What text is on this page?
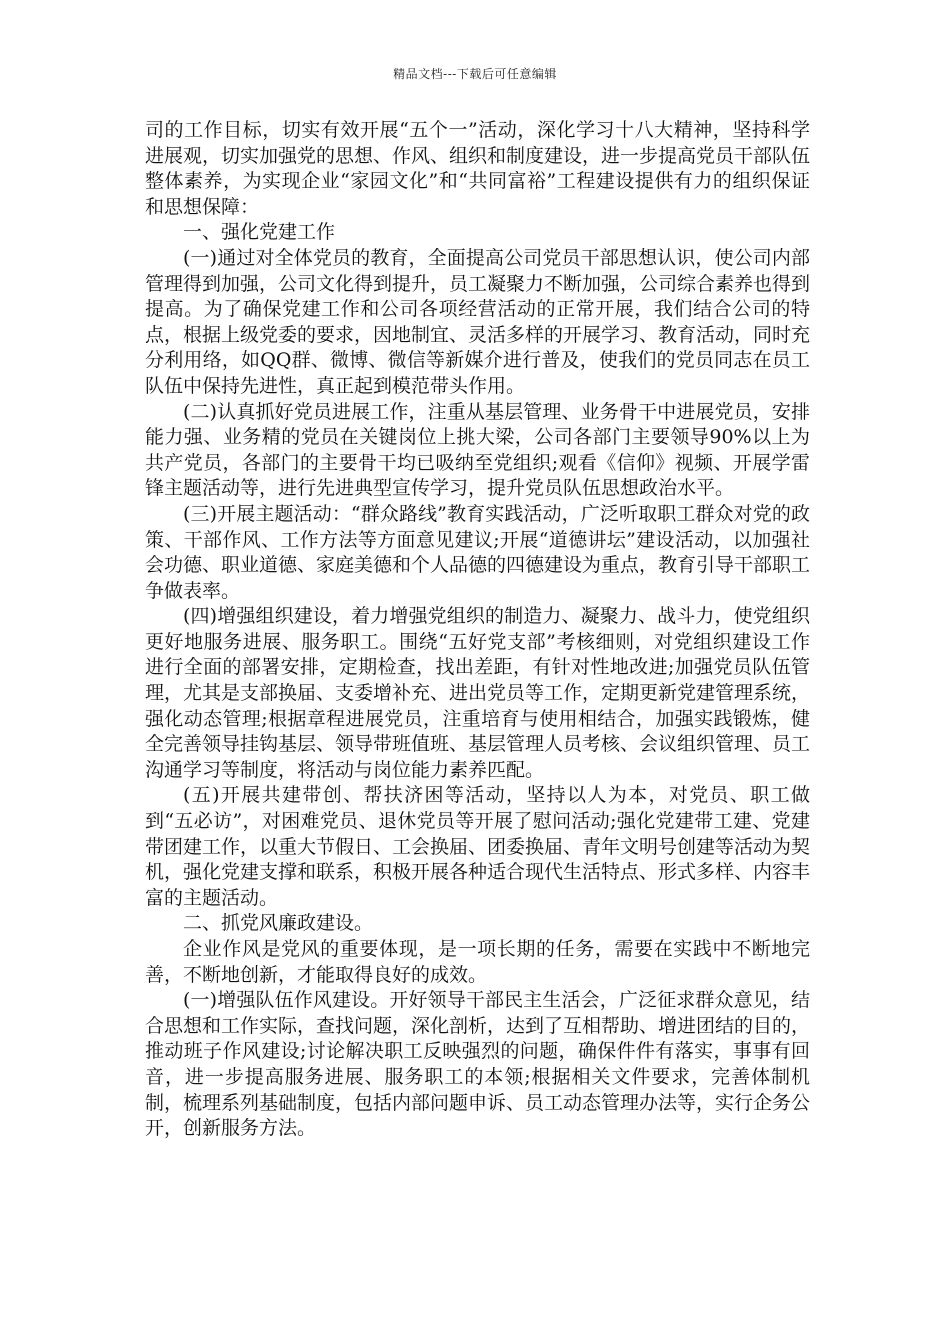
精品文档---下载后可任意编辑

司的工作目标，切实有效开展“五个一”活动，深化学习十八大精神，坚持科学进展观，切实加强党的思想、作风、组织和制度建设，进一步提高党员干部队伍整体素养，为实现企业“家园文化”和“共同富裕”工程建设提供有力的组织保证和思想保障：

一、强化党建工作

(一)通过对全体党员的教育，全面提高公司党员干部思想认识，使公司内部管理得到加强，公司文化得到提升，员工凝聚力不断加强，公司综合素养也得到提高。为了确保党建工作和公司各项经营活动的正常开展，我们结合公司的特点，根据上级党委的要求，因地制宜、灵活多样的开展学习、教育活动，同时充分利用络，如QQ群、微博、微信等新媒介进行普及，使我们的党员同志在员工队伍中保持先进性，真正起到模范带头作用。

(二)认真抓好党员进展工作，注重从基层管理、业务骨干中进展党员，安排能力强、业务精的党员在关键岗位上挑大梁，公司各部门主要领导90%以上为共产党员，各部门的主要骨干均已吸纳至党组织;观看《信仰》视频、开展学雷锋主题活动等，进行先进典型宣传学习，提升党员队伍思想政治水平。

(三)开展主题活动：“群众路线”教育实践活动，广泛听取职工群众对党的政策、干部作风、工作方法等方面意见建议;开展“道德讲坛”建设活动，以加强社会功德、职业道德、家庭美德和个人品德的四德建设为重点，教育引导干部职工争做表率。

(四)增强组织建设，着力增强党组织的制造力、凝聚力、战斗力，使党组织更好地服务进展、服务职工。围绕“五好党支部”考核细则，对党组织建设工作进行全面的部署安排，定期检查，找出差距，有针对性地改进;加强党员队伍管理，尤其是支部换届、支委增补充、进出党员等工作，定期更新党建管理系统，强化动态管理;根据章程进展党员，注重培育与使用相结合，加强实践锻炼，健全完善领导挂钩基层、领导带班值班、基层管理人员考核、会议组织管理、员工沟通学习等制度，将活动与岗位能力素养匹配。

(五)开展共建带创、帮扶济困等活动，坚持以人为本，对党员、职工做到“五必访”，对困难党员、退休党员等开展了慰问活动;强化党建带工建、党建带团建工作，以重大节假日、工会换届、团委换届、青年文明号创建等活动为契机，强化党建支撑和联系，积极开展各种适合现代生活特点、形式多样、内容丰富的主题活动。

二、抓党风廉政建设。

企业作风是党风的重要体现，是一项长期的任务，需要在实践中不断地完善，不断地创新，才能取得良好的成效。

(一)增强队伍作风建设。开好领导干部民主生活会，广泛征求群众意见，结合思想和工作实际，查找问题，深化剖析，达到了互相帮助、增进团结的目的，推动班子作风建设;讨论解决职工反映强烈的问题，确保件件有落实，事事有回音，进一步提高服务进展、服务职工的本领;根据相关文件要求，完善体制机制，梳理系列基础制度，包括内部问题申诉、员工动态管理办法等，实行企务公开，创新服务方法。
